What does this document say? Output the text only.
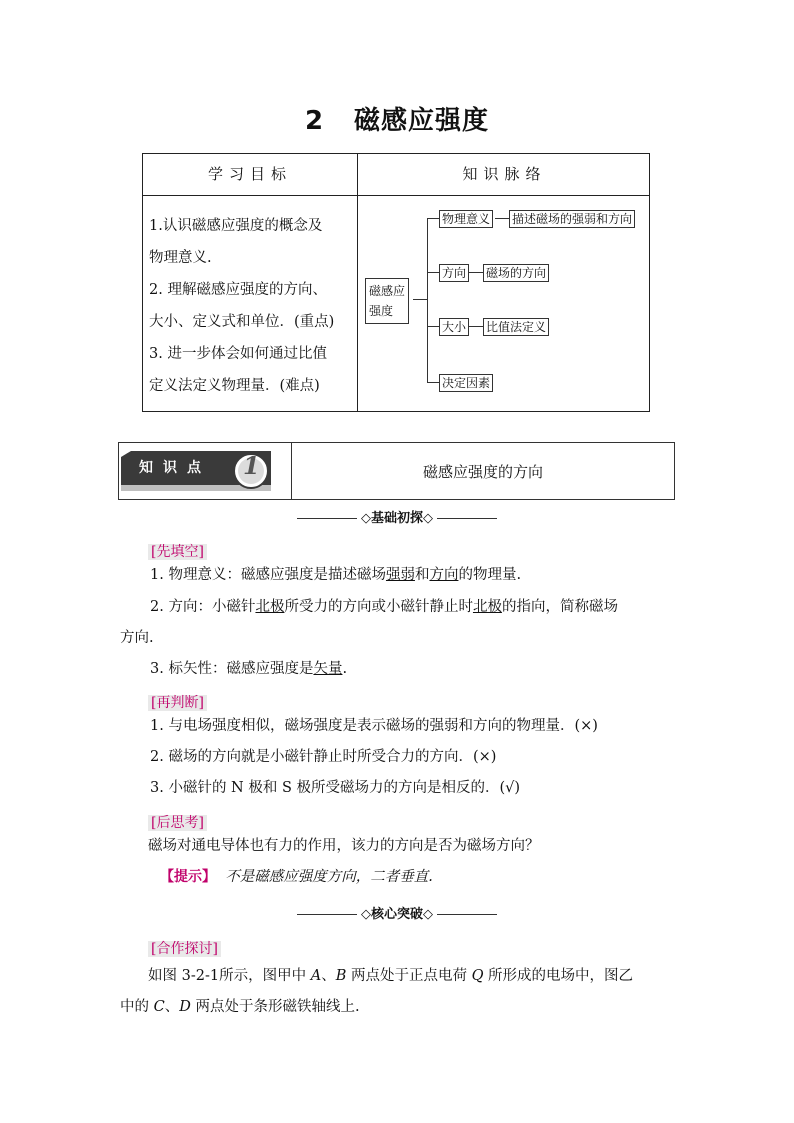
2 磁感应强度
学习目标	知识脉络
1.认识磁感应强度的概念及
物理意义.
2. 理解磁感应强度的方向、
大小、定义式和单位．(重点)
3. 进一步体会如何通过比值
定义法定义物理量．(难点)
磁感应
强度
物理意义 描述磁场的强弱和方向
方向 磁场的方向
大小 比值法定义
决定因素
知识点 1	磁感应强度的方向
◇基础初探◇
[先填空]
1. 物理意义：磁感应强度是描述磁场强弱和方向的物理量.
2. 方向：小磁针北极所受力的方向或小磁针静止时北极的指向，简称磁场
方向.
3. 标矢性：磁感应强度是矢量.
[再判断]
1. 与电场强度相似，磁场强度是表示磁场的强弱和方向的物理量．(×)
2. 磁场的方向就是小磁针静止时所受合力的方向．(×)
3. 小磁针的 N 极和 S 极所受磁场力的方向是相反的．(√)
[后思考]
磁场对通电导体也有力的作用，该力的方向是否为磁场方向？
【提示】 不是磁感应强度方向，二者垂直.
◇核心突破◇
[合作探讨]
如图 3-2-1所示，图甲中 A、B 两点处于正点电荷 Q 所形成的电场中，图乙
中的 C、D 两点处于条形磁铁轴线上.
